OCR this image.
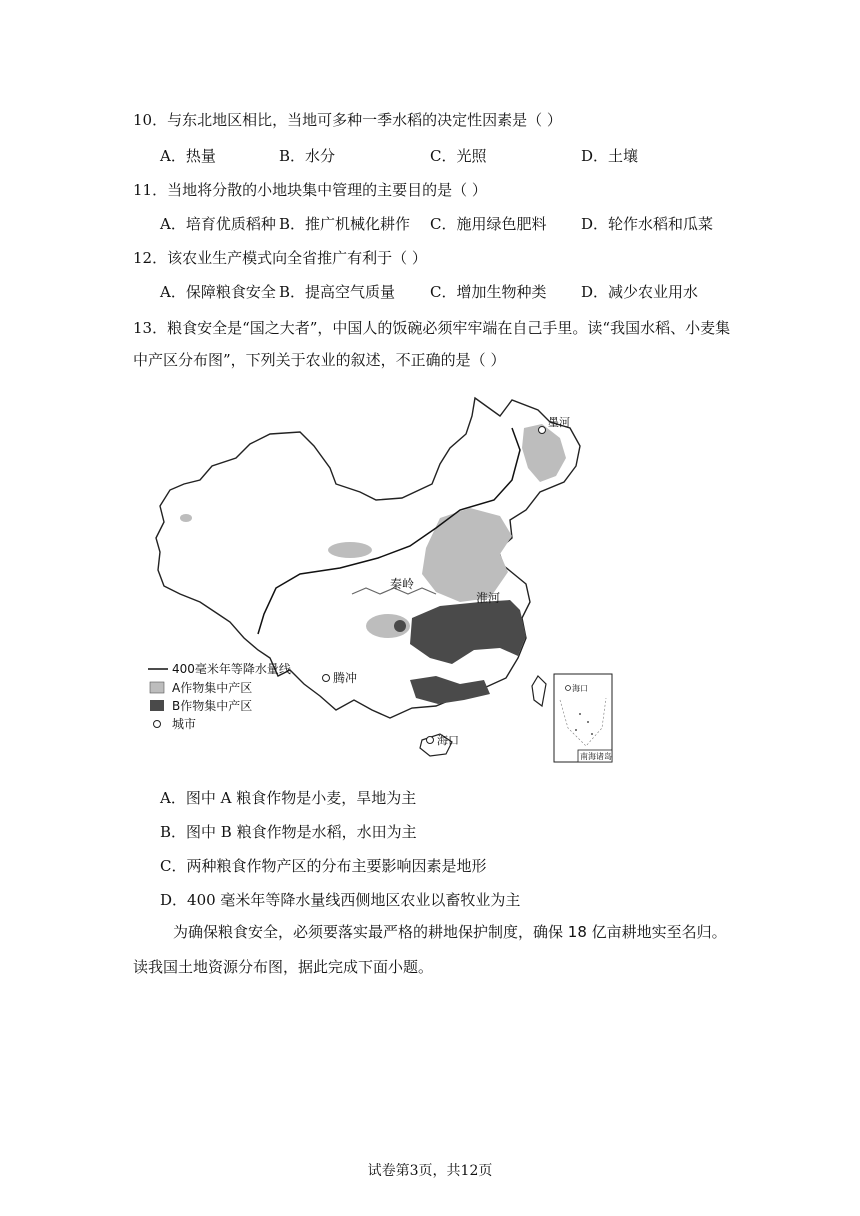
10．与东北地区相比，当地可多种一季水稻的决定性因素是（ ）
A．热量	B．水分	C．光照	D．土壤
11．当地将分散的小地块集中管理的主要目的是（ ）
A．培育优质稻种 B．推广机械化耕作 C．施用绿色肥料 D．轮作水稻和瓜菜
12．该农业生产模式向全省推广有利于（ ）
A．保障粮食安全 B．提高空气质量 C．增加生物种类 D．减少农业用水
13．粮食安全是“国之大者”，中国人的饭碗必须牢牢端在自己手里。读“我国水稻、小麦集
中产区分布图”，下列关于农业的叙述，不正确的是（ ）
墨河
秦岭
淮河
腾冲
海口
400毫米年等降水量线
A作物集中产区
B作物集中产区
城市
海口
南海诸岛
A．图中 A 粮食作物是小麦，旱地为主
B．图中 B 粮食作物是水稻，水田为主
C．两种粮食作物产区的分布主要影响因素是地形
D．400 毫米年等降水量线西侧地区农业以畜牧业为主
为确保粮食安全，必须要落实最严格的耕地保护制度，确保 18 亿亩耕地实至名归。
读我国土地资源分布图，据此完成下面小题。
试卷第3页，共12页
